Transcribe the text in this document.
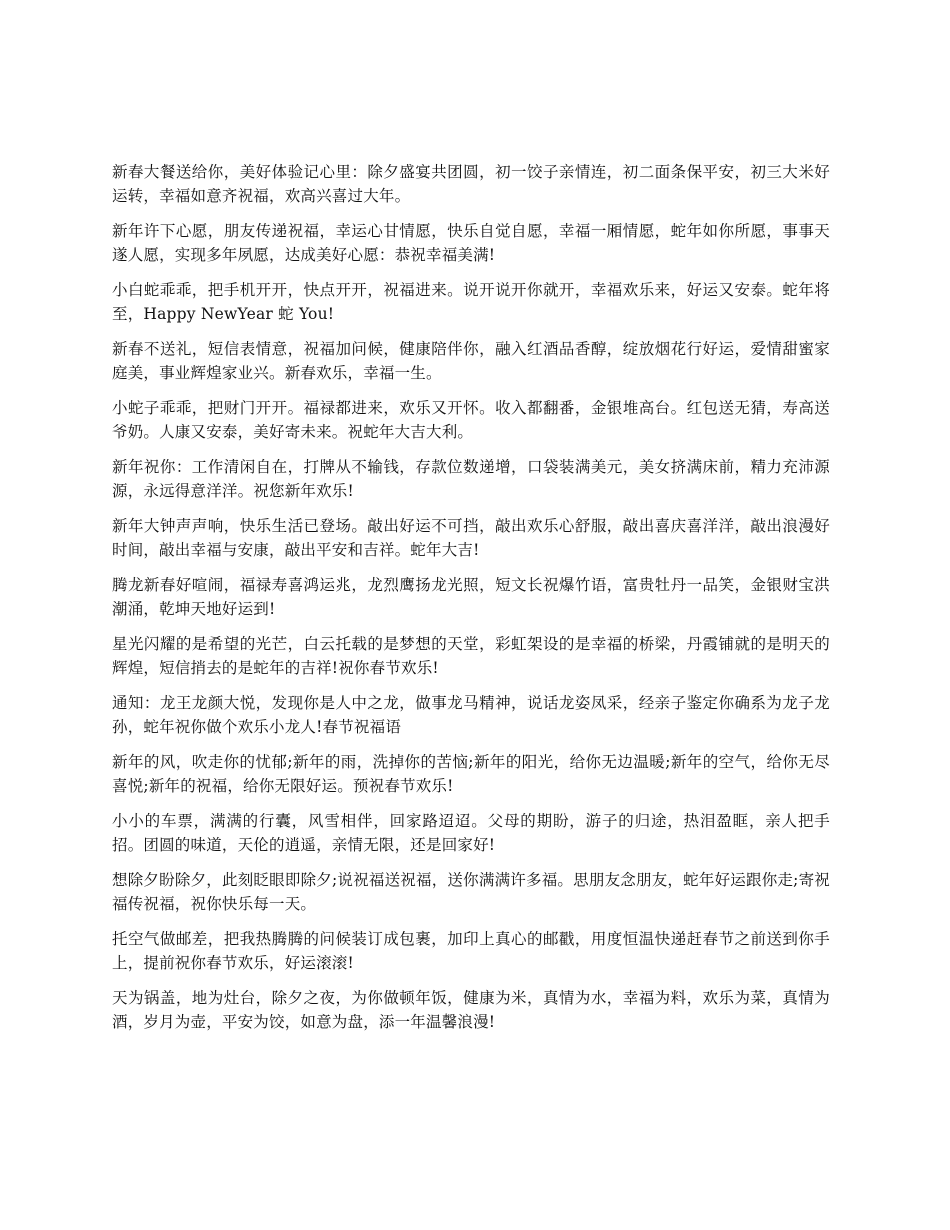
新春大餐送给你，美好体验记心里：除夕盛宴共团圆，初一饺子亲情连，初二面条保平安，初三大米好运转，幸福如意齐祝福，欢高兴喜过大年。

新年许下心愿，朋友传递祝福，幸运心甘情愿，快乐自觉自愿，幸福一厢情愿，蛇年如你所愿，事事天遂人愿，实现多年夙愿，达成美好心愿：恭祝幸福美满!

小白蛇乖乖，把手机开开，快点开开，祝福进来。说开说开你就开，幸福欢乐来，好运又安泰。蛇年将至，Happy NewYear 蛇 You!

新春不送礼，短信表情意，祝福加问候，健康陪伴你，融入红酒品香醇，绽放烟花行好运，爱情甜蜜家庭美，事业辉煌家业兴。新春欢乐，幸福一生。

小蛇子乖乖，把财门开开。福禄都进来，欢乐又开怀。收入都翻番，金银堆高台。红包送无猜，寿高送爷奶。人康又安泰，美好寄未来。祝蛇年大吉大利。

新年祝你：工作清闲自在，打牌从不输钱，存款位数递增，口袋装满美元，美女挤满床前，精力充沛源源，永远得意洋洋。祝您新年欢乐!

新年大钟声声响，快乐生活已登场。敲出好运不可挡，敲出欢乐心舒服，敲出喜庆喜洋洋，敲出浪漫好时间，敲出幸福与安康，敲出平安和吉祥。蛇年大吉!

腾龙新春好喧闹，福禄寿喜鸿运兆，龙烈鹰扬龙光照，短文长祝爆竹语，富贵牡丹一品笑，金银财宝洪潮涌，乾坤天地好运到!

星光闪耀的是希望的光芒，白云托载的是梦想的天堂，彩虹架设的是幸福的桥梁，丹霞铺就的是明天的辉煌，短信捎去的是蛇年的吉祥!祝你春节欢乐!

通知：龙王龙颜大悦，发现你是人中之龙，做事龙马精神，说话龙姿凤采，经亲子鉴定你确系为龙子龙孙，蛇年祝你做个欢乐小龙人!春节祝福语

新年的风，吹走你的忧郁;新年的雨，洗掉你的苦恼;新年的阳光，给你无边温暖;新年的空气，给你无尽喜悦;新年的祝福，给你无限好运。预祝春节欢乐!

小小的车票，满满的行囊，风雪相伴，回家路迢迢。父母的期盼，游子的归途，热泪盈眶，亲人把手招。团圆的味道，天伦的逍遥，亲情无限，还是回家好!

想除夕盼除夕，此刻眨眼即除夕;说祝福送祝福，送你满满许多福。思朋友念朋友，蛇年好运跟你走;寄祝福传祝福，祝你快乐每一天。

托空气做邮差，把我热腾腾的问候装订成包裹，加印上真心的邮戳，用度恒温快递赶春节之前送到你手上，提前祝你春节欢乐，好运滚滚!

天为锅盖，地为灶台，除夕之夜，为你做顿年饭，健康为米，真情为水，幸福为料，欢乐为菜，真情为酒，岁月为壶，平安为饺，如意为盘，添一年温馨浪漫!
